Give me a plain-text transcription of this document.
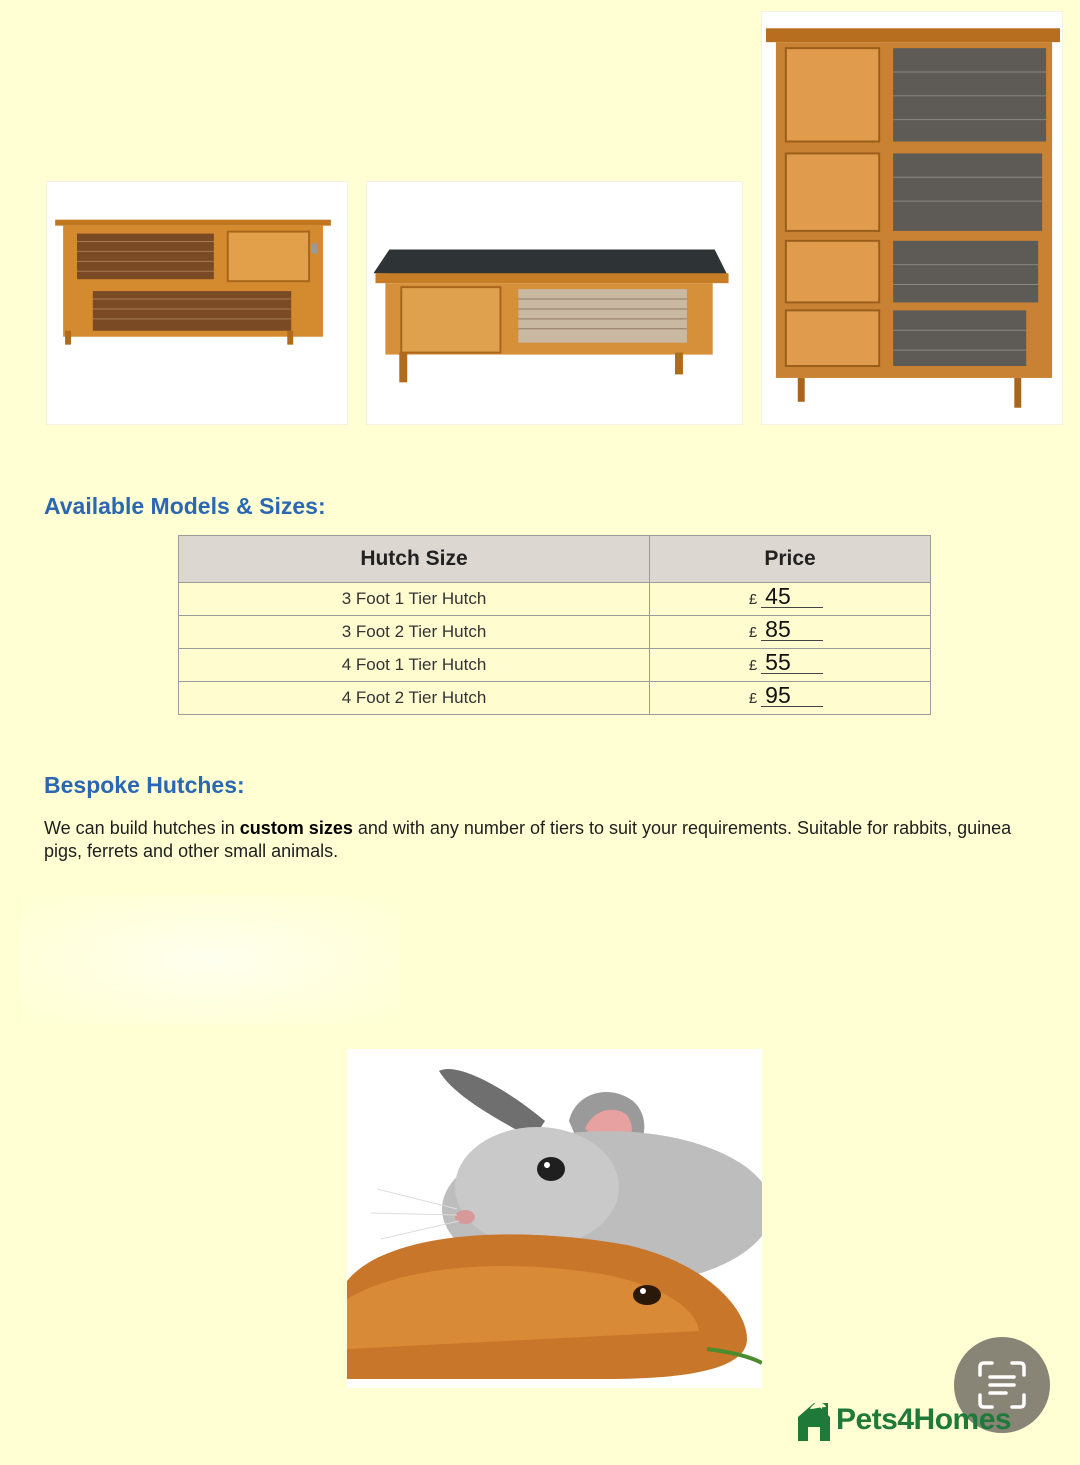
Available Models & Sizes:
Hutch Size	Price
3 Foot 1 Tier Hutch	£ 45
3 Foot 2 Tier Hutch	£ 85
4 Foot 1 Tier Hutch	£ 55
4 Foot 2 Tier Hutch	£ 95
Bespoke Hutches:

We can build hutches in custom sizes and with any number of tiers to suit your requirements. Suitable for rabbits, guinea pigs, ferrets and other small animals.

Pets4Homes
